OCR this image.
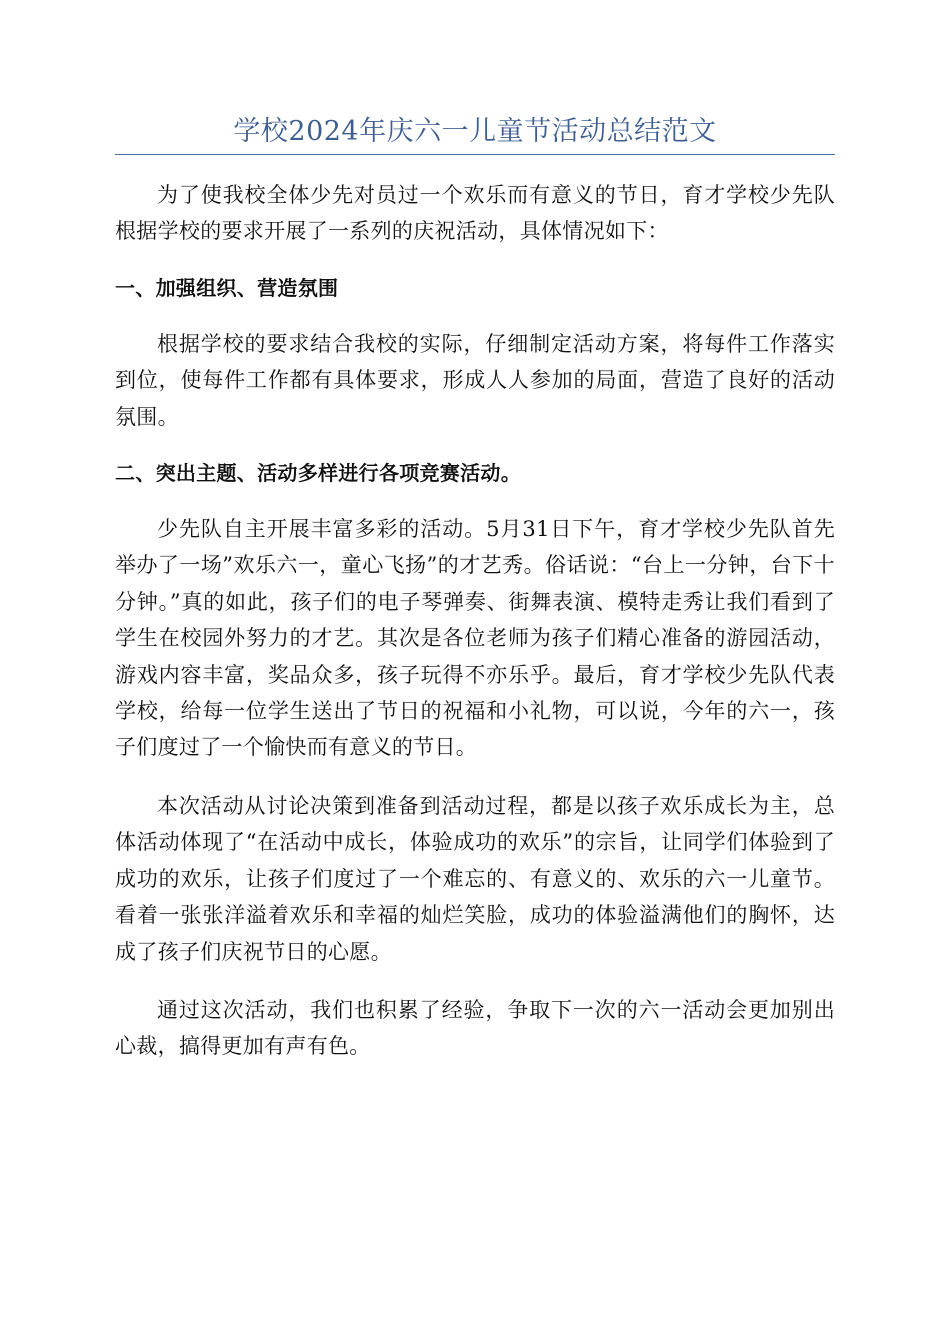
学校2024年庆六一儿童节活动总结范文

为了使我校全体少先对员过一个欢乐而有意义的节日，育才学校少先队根据学校的要求开展了一系列的庆祝活动，具体情况如下：

一、加强组织、营造氛围

根据学校的要求结合我校的实际，仔细制定活动方案，将每件工作落实到位，使每件工作都有具体要求，形成人人参加的局面，营造了良好的活动氛围。

二、突出主题、活动多样进行各项竞赛活动。

少先队自主开展丰富多彩的活动。5月31日下午，育才学校少先队首先举办了一场”欢乐六一，童心飞扬”的才艺秀。俗话说：“台上一分钟，台下十分钟。”真的如此，孩子们的电子琴弹奏、街舞表演、模特走秀让我们看到了学生在校园外努力的才艺。其次是各位老师为孩子们精心准备的游园活动，游戏内容丰富，奖品众多，孩子玩得不亦乐乎。最后，育才学校少先队代表学校，给每一位学生送出了节日的祝福和小礼物，可以说，今年的六一，孩子们度过了一个愉快而有意义的节日。

本次活动从讨论决策到准备到活动过程，都是以孩子欢乐成长为主，总体活动体现了“在活动中成长，体验成功的欢乐”的宗旨，让同学们体验到了成功的欢乐，让孩子们度过了一个难忘的、有意义的、欢乐的六一儿童节。看着一张张洋溢着欢乐和幸福的灿烂笑脸，成功的体验溢满他们的胸怀，达成了孩子们庆祝节日的心愿。

通过这次活动，我们也积累了经验，争取下一次的六一活动会更加别出心裁，搞得更加有声有色。
